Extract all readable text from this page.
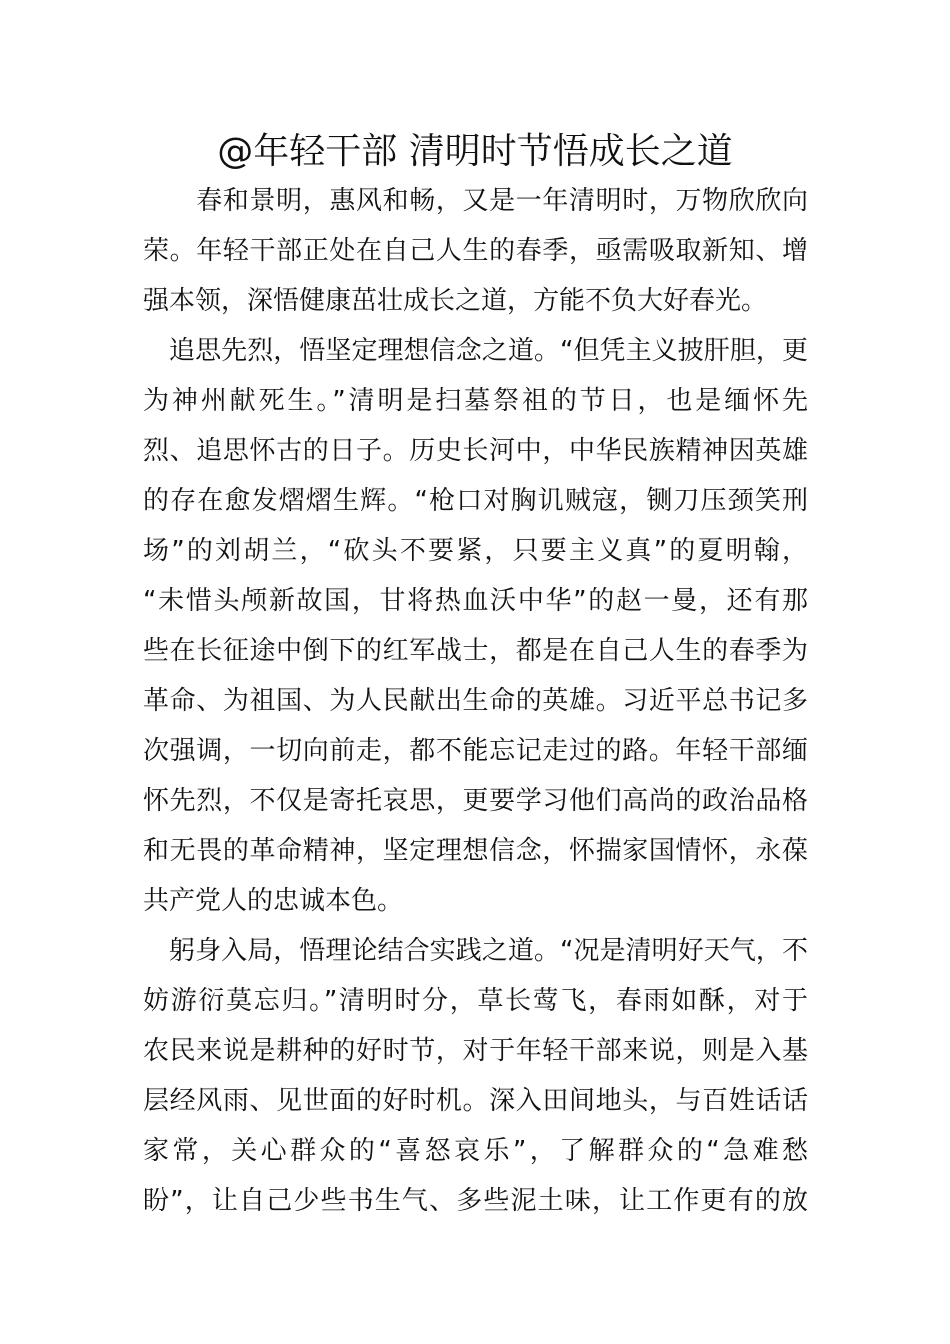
@年轻干部 清明时节悟成长之道
　　春和景明，惠风和畅，又是一年清明时，万物欣欣向
荣。年轻干部正处在自己人生的春季，亟需吸取新知、增
强本领，深悟健康茁壮成长之道，方能不负大好春光。
　追思先烈，悟坚定理想信念之道。“但凭主义披肝胆，更
为神州献死生。”清明是扫墓祭祖的节日，也是缅怀先
烈、追思怀古的日子。历史长河中，中华民族精神因英雄
的存在愈发熠熠生辉。“枪口对胸讥贼寇，铡刀压颈笑刑
场”的刘胡兰，“砍头不要紧，只要主义真”的夏明翰，
“未惜头颅新故国，甘将热血沃中华”的赵一曼，还有那
些在长征途中倒下的红军战士，都是在自己人生的春季为
革命、为祖国、为人民献出生命的英雄。习近平总书记多
次强调，一切向前走，都不能忘记走过的路。年轻干部缅
怀先烈，不仅是寄托哀思，更要学习他们高尚的政治品格
和无畏的革命精神，坚定理想信念，怀揣家国情怀，永葆
共产党人的忠诚本色。
　躬身入局，悟理论结合实践之道。“况是清明好天气，不
妨游衍莫忘归。”清明时分，草长莺飞，春雨如酥，对于
农民来说是耕种的好时节，对于年轻干部来说，则是入基
层经风雨、见世面的好时机。深入田间地头，与百姓话话
家常，关心群众的“喜怒哀乐”，了解群众的“急难愁
盼”，让自己少些书生气、多些泥土味，让工作更有的放
